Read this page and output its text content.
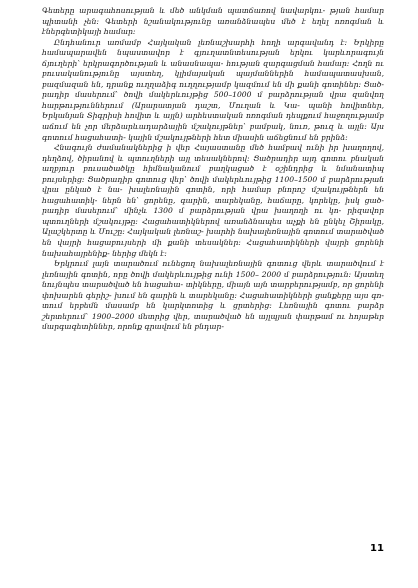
Գետերը արագահոսության և մեծ անկման պատճառով նավարկու- թյան համար պիտանի չեն: Գետերի նշանակությունը առանձնապես մեծ է եղել ոռոգման և էներգետիկայի համար:

Ընդհանուր առմամբ Հայկական լեռնաշխարհի հողի արգավանդ է: Երկիրը համապարավեն նպաստավոր է գյուղատնտեսության երկու կարևորագույն ճյուղերի՝ երկրագործության և անասնապա- հության զարգացման համար: Հողն ու բուսականությունը այստեղ, կլիմայական պայմաններին համապատասխան, բազմազան են, դրանք ուղղաձիգ ուղղությամբ կազմում են մի քանի գոտիներ: Ցած- րադիր մասերում՝ ծովի մակերևույթից 500–1000 մ բարձրության վրա զանվող հարթություններում (Արարատյան դաշտ, Մուղան և Կա- պանի հովիտներ, Երկանյան Տիգրիսի հովիտ և այլն) արհեստական ոռոգման դեպքում հաջողությամբ աճում են չոր մերձարևադարձային մշակույթներ՝ բամբակ, նուռ, թուզ և այլն: Այս գոտում հացահատի- կային մշակույթների հետ միասին աճեցնում են բրինձ:

Հնագույն ժամանակներից ի վեր Հայաստանը մեծ համբավ ունի իր խաղողով, դեղձով, ծիրանով և պտուղների այլ տեսակներով: Ցածրադիր այդ գոտու բնական աղբյուր բուսածածկը հիմնականում բաղկացած է օշինդրից և նմանատիպ բույսերից: Ցածրադիր գոտուց վեր՝ ծովի մակերևույթից 1100–1500 մ բարձրության վրա ընկած է նա- խալեռնային գոտին, որի համար բնորոշ մշակույթներն են հացահատիկ- ներն են՝ ցորենը, գարին, տարեկանը, հաճարը, կորեկը, իսկ ցած- րադիր մասերում՝ մինչև 1300 մ բարձրության վրա խաղողի ու կո- րիզավոր պտուղների մշակույթը: Հացահատիկներով առանձնապես աչքի են ընկել Շիրակը, Ալաշկերտը և Մուշը: Հայկական լեռնաշ- խարհի նախալեռնային գոտում տարածված են վայրի հացաբույսերի մի քանի տեսակներ: Հացահատիկների վայրի ցորենի նախահայրենիք- ներից մեկն է:

Երկրում լայն տարածում ունեցող նախալեռնային գոտուց վերև տարածվում է լեռնային գոտին, որը ծովի մակերևույթից ունի 1500– 2000 մ բարձրություն: Այստեղ նույնպես տարածված են հացահա- տիկները, միայն այն տարբերությամբ, որ ցորենի փոխարեն գերիշ- խում են գարին և տարեկանը: Հացահատիկների ցանքերը այս գո- տում երբեմն մասամբ են կարկտոտից և ցրտերից: Լեռնային գոտու բարձր շերտերում՝ 1900–2000 մետրից վեր, տարածված են այլպյան փարթամ ու հոյաթեր մարգագետիններ, որոնք գրավում են բնդար-

11
